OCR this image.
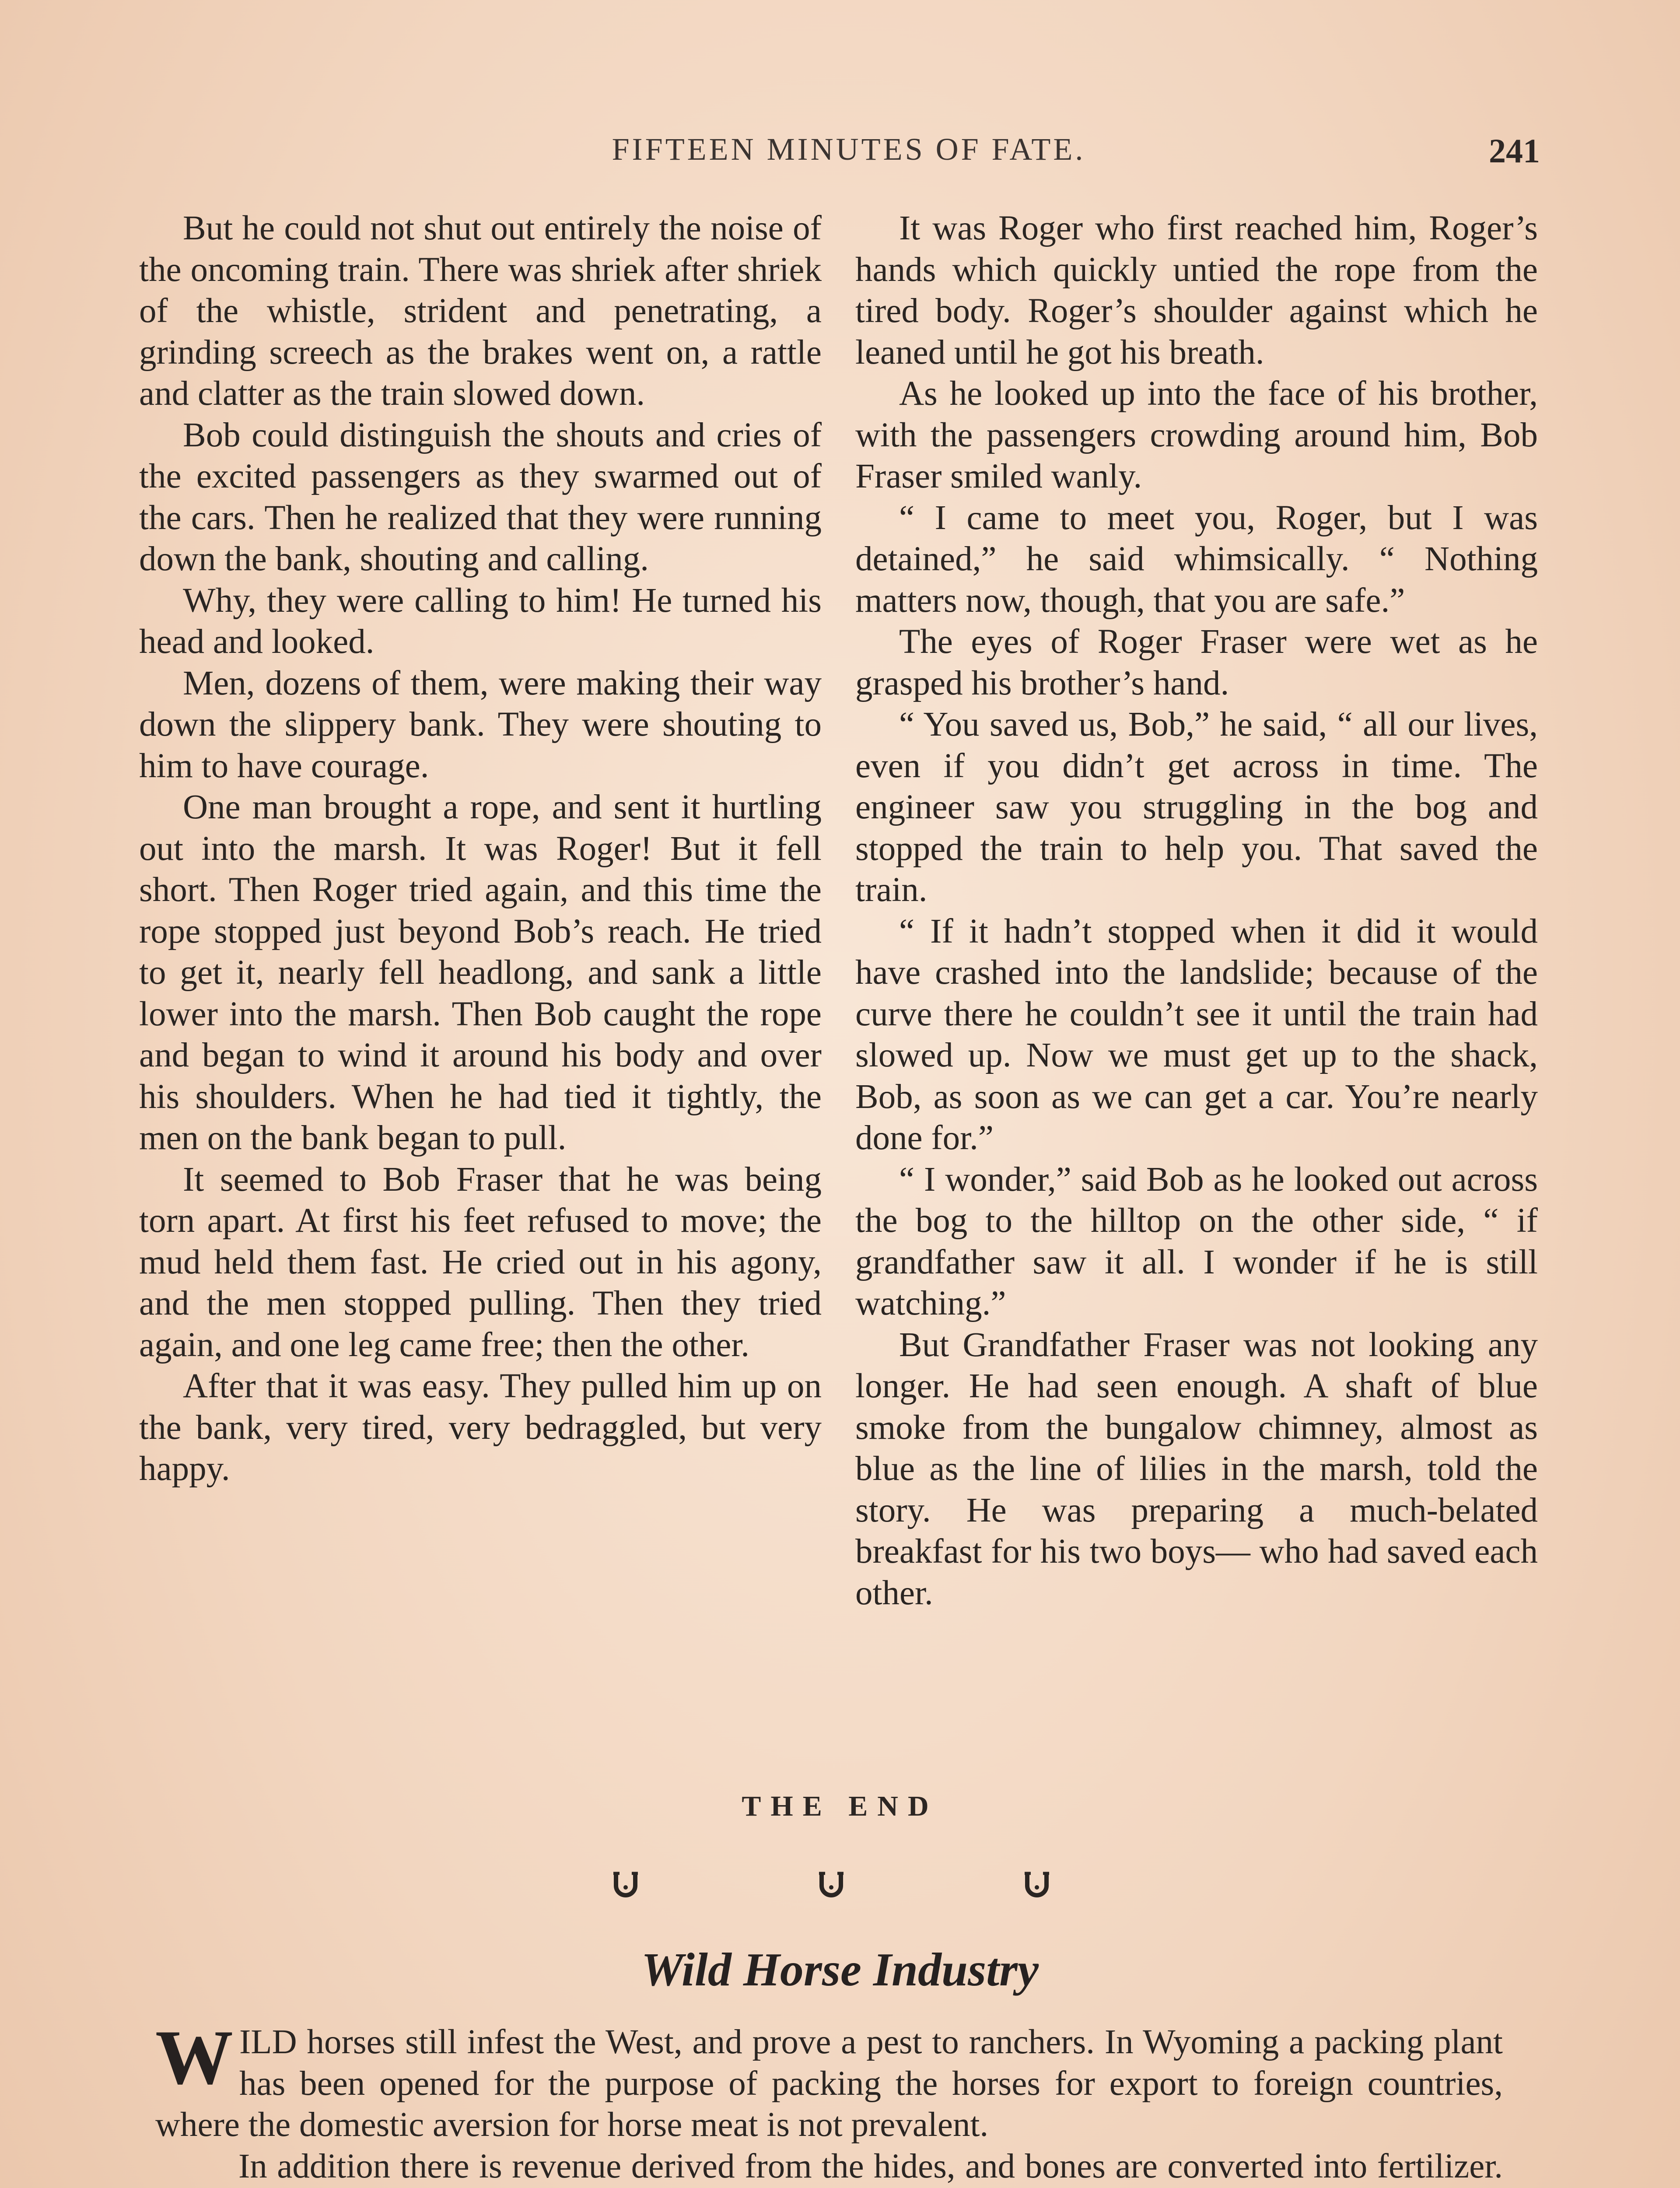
FIFTEEN MINUTES OF FATE.	241

But he could not shut out entirely the noise of the oncoming train. There was shriek after shriek of the whistle, strident and penetrating, a grinding screech as the brakes went on, a rattle and clatter as the train slowed down.

Bob could distinguish the shouts and cries of the excited passengers as they swarmed out of the cars. Then he realized that they were running down the bank, shouting and calling.

Why, they were calling to him! He turned his head and looked.

Men, dozens of them, were making their way down the slippery bank. They were shouting to him to have courage.

One man brought a rope, and sent it hurtling out into the marsh. It was Roger! But it fell short. Then Roger tried again, and this time the rope stopped just beyond Bob’s reach. He tried to get it, nearly fell headlong, and sank a little lower into the marsh. Then Bob caught the rope and began to wind it around his body and over his shoulders. When he had tied it tightly, the men on the bank began to pull.

It seemed to Bob Fraser that he was being torn apart. At first his feet refused to move; the mud held them fast. He cried out in his agony, and the men stopped pulling. Then they tried again, and one leg came free; then the other.

After that it was easy. They pulled him up on the bank, very tired, very bedraggled, but very happy.

It was Roger who first reached him, Roger’s hands which quickly untied the rope from the tired body. Roger’s shoulder against which he leaned until he got his breath.

As he looked up into the face of his brother, with the passengers crowding around him, Bob Fraser smiled wanly.

“ I came to meet you, Roger, but I was detained,” he said whimsically. “ Nothing matters now, though, that you are safe.”

The eyes of Roger Fraser were wet as he grasped his brother’s hand.

“ You saved us, Bob,” he said, “ all our lives, even if you didn’t get across in time. The engineer saw you struggling in the bog and stopped the train to help you. That saved the train.

“ If it hadn’t stopped when it did it would have crashed into the landslide; because of the curve there he couldn’t see it until the train had slowed up. Now we must get up to the shack, Bob, as soon as we can get a car. You’re nearly done for.”

“ I wonder,” said Bob as he looked out across the bog to the hilltop on the other side, “ if grandfather saw it all. I wonder if he is still watching.”

But Grandfather Fraser was not looking any longer. He had seen enough. A shaft of blue smoke from the bungalow chimney, almost as blue as the line of lilies in the marsh, told the story. He was preparing a much-belated breakfast for his two boys— who had saved each other.

THE END
Wild Horse Industry

WILD horses still infest the West, and prove a pest to ranchers. In Wyoming a packing plant has been opened for the purpose of packing the horses for export to foreign countries, where the domestic aversion for horse meat is not prevalent.

In addition there is revenue derived from the hides, and bones are converted into fertilizer.
